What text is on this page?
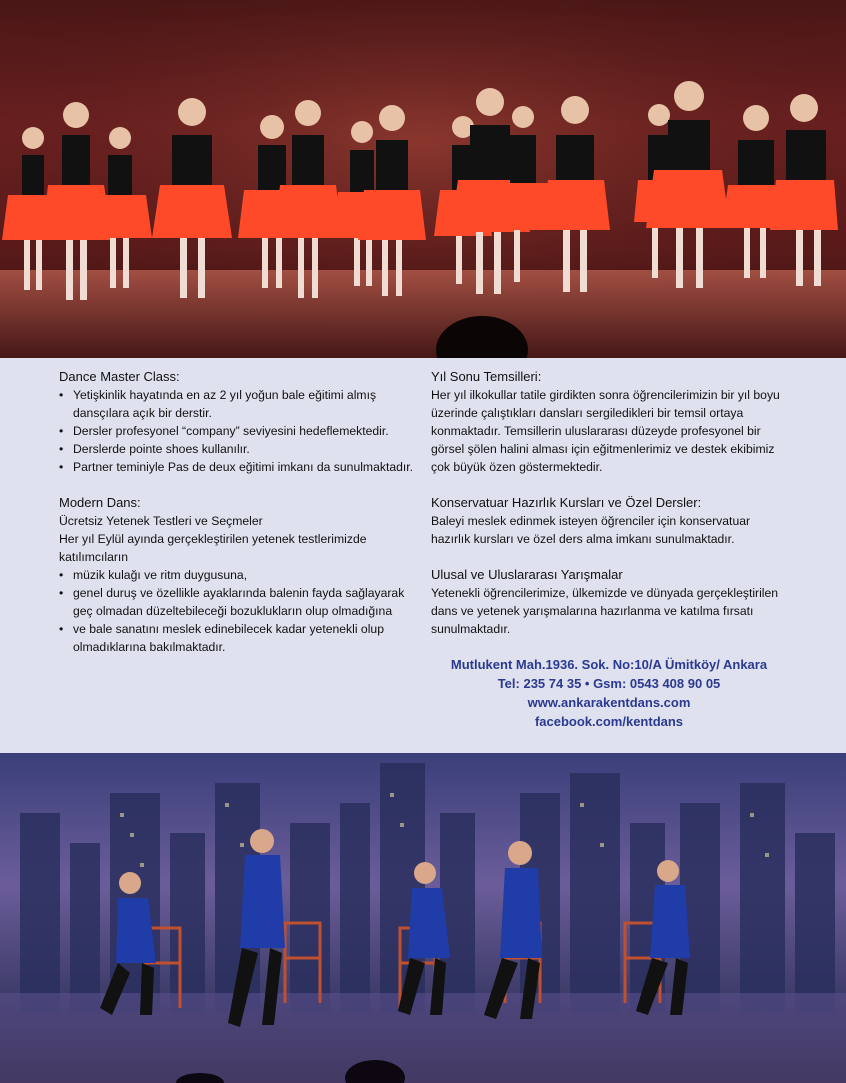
Dance Master Class:
• Yetişkinlik hayatında en az 2 yıl yoğun bale eğitimi almış dansçılara açık bir derstir.
• Dersler profesyonel “company” seviyesini hedeflemektedir.
• Derslerde pointe shoes kullanılır.
• Partner teminiyle Pas de deux eğitimi imkanı da sunulmaktadır.
Modern Dans:
Ücretsiz Yetenek Testleri ve Seçmeler
Her yıl Eylül ayında gerçekleştirilen yetenek testlerimizde katılımcıların
• müzik kulağı ve ritm duygusuna,
• genel duruş ve özellikle ayaklarında balenin fayda sağlayarak geç olmadan düzeltebileceği bozuklukların olup olmadığına
• ve bale sanatını meslek edinebilecek kadar yetenekli olup olmadıklarına bakılmaktadır.
Yıl Sonu Temsilleri:
Her yıl ilkokullar tatile girdikten sonra öğrencilerimizin bir yıl boyu üzerinde çalıştıkları dansları sergiledikleri bir temsil ortaya konmaktadır. Temsillerin uluslararası düzeyde profesyonel bir görsel şölen halini alması için eğitmenlerimiz ve destek ekibimiz çok büyük özen göstermektedir.
Konservatuar Hazırlık Kursları ve Özel Dersler:
Baleyi meslek edinmek isteyen öğrenciler için konservatuar hazırlık kursları ve özel ders alma imkanı sunulmaktadır.
Ulusal ve Uluslararası Yarışmalar
Yetenekli öğrencilerimize, ülkemizde ve dünyada gerçekleştirilen dans ve yetenek yarışmalarına hazırlanma ve katılma fırsatı sunulmaktadır.
Mutlukent Mah.1936. Sok. No:10/A Ümitköy/ Ankara
Tel: 235 74 35 • Gsm: 0543 408 90 05
www.ankarakentdans.com
facebook.com/kentdans
